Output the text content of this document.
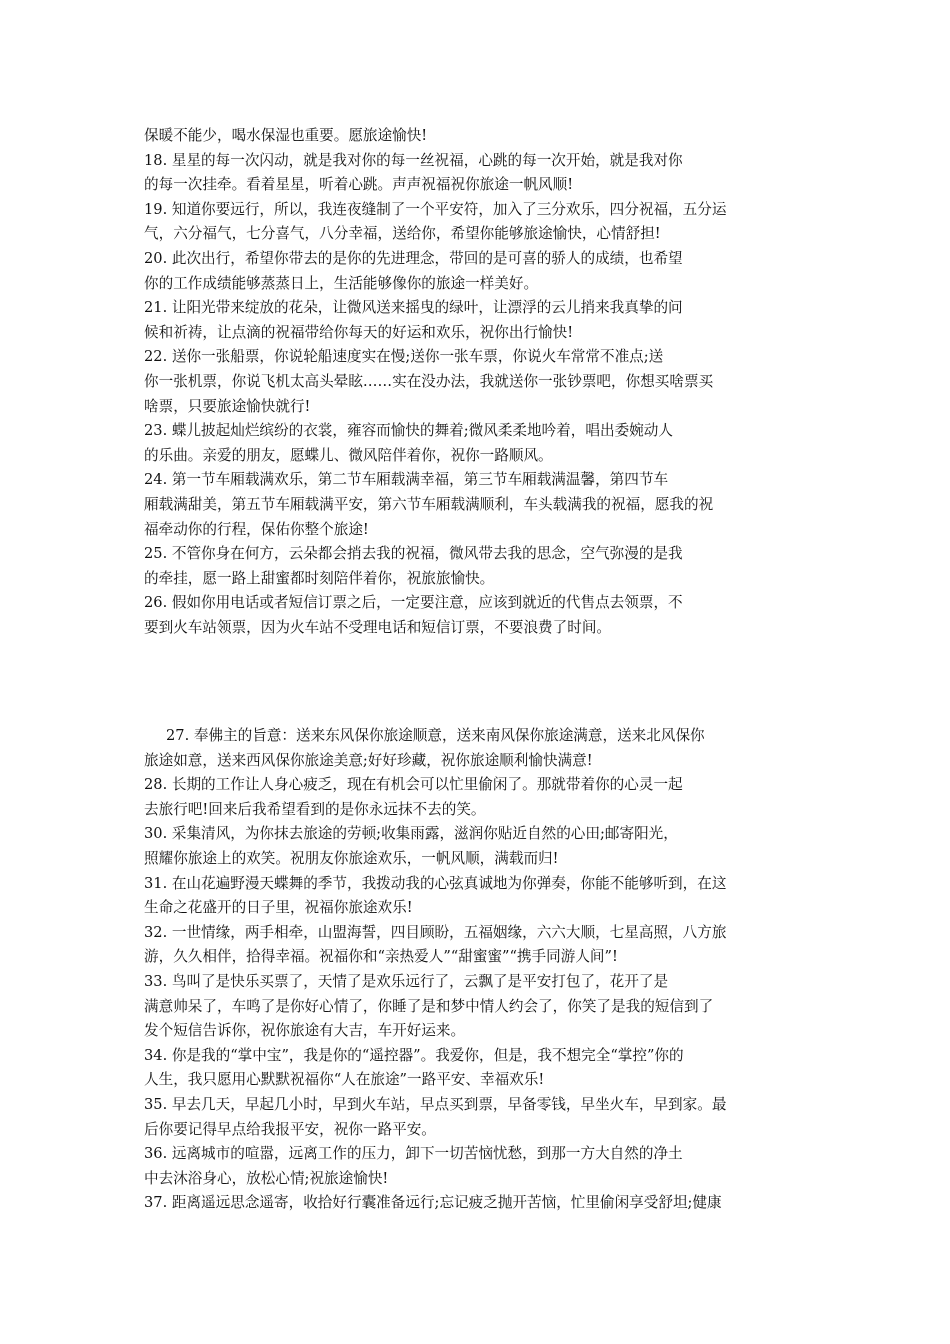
保暖不能少，喝水保湿也重要。愿旅途愉快!
18. 星星的每一次闪动，就是我对你的每一丝祝福，心跳的每一次开始，就是我对你
的每一次挂牵。看着星星，听着心跳。声声祝福祝你旅途一帆风顺!
19. 知道你要远行，所以，我连夜缝制了一个平安符，加入了三分欢乐，四分祝福，五分运
气，六分福气，七分喜气，八分幸福，送给你，希望你能够旅途愉快，心情舒担!
20. 此次出行，希望你带去的是你的先进理念，带回的是可喜的骄人的成绩，也希望
你的工作成绩能够蒸蒸日上，生活能够像你的旅途一样美好。
21. 让阳光带来绽放的花朵，让微风送来摇曳的绿叶，让漂浮的云儿捎来我真挚的问
候和祈祷，让点滴的祝福带给你每天的好运和欢乐，祝你出行愉快!
22. 送你一张船票，你说轮船速度实在慢;送你一张车票，你说火车常常不准点;送
你一张机票，你说飞机太高头晕眩……实在没办法，我就送你一张钞票吧，你想买啥票买
啥票，只要旅途愉快就行!
23. 蝶儿披起灿烂缤纷的衣裳，雍容而愉快的舞着;微风柔柔地吟着，唱出委婉动人
的乐曲。亲爱的朋友，愿蝶儿、微风陪伴着你，祝你一路顺风。
24. 第一节车厢载满欢乐，第二节车厢载满幸福，第三节车厢载满温馨，第四节车
厢载满甜美，第五节车厢载满平安，第六节车厢载满顺利，车头载满我的祝福，愿我的祝
福牵动你的行程，保佑你整个旅途!
25. 不管你身在何方，云朵都会捎去我的祝福，微风带去我的思念，空气弥漫的是我
的牵挂，愿一路上甜蜜都时刻陪伴着你，祝旅旅愉快。
26. 假如你用电话或者短信订票之后，一定要注意，应该到就近的代售点去领票，不
要到火车站领票，因为火车站不受理电话和短信订票，不要浪费了时间。
27. 奉佛主的旨意：送来东风保你旅途顺意，送来南风保你旅途满意，送来北风保你
旅途如意，送来西风保你旅途美意;好好珍藏，祝你旅途顺利愉快满意!
28. 长期的工作让人身心疲乏，现在有机会可以忙里偷闲了。那就带着你的心灵一起
去旅行吧!回来后我希望看到的是你永远抹不去的笑。
30. 采集清风，为你抹去旅途的劳顿;收集雨露，滋润你贴近自然的心田;邮寄阳光，
照耀你旅途上的欢笑。祝朋友你旅途欢乐，一帆风顺，满载而归!
31. 在山花遍野漫天蝶舞的季节，我拨动我的心弦真诚地为你弹奏，你能不能够听到，在这
生命之花盛开的日子里，祝福你旅途欢乐!
32. 一世情缘，两手相牵，山盟海誓，四目顾盼，五福姻缘，六六大顺，七星高照，八方旅
游，久久相伴，拾得幸福。祝福你和“亲热爱人”“甜蜜蜜”“携手同游人间”!
33. 鸟叫了是快乐买票了，天情了是欢乐远行了，云飘了是平安打包了，花开了是
满意帅呆了，车鸣了是你好心情了，你睡了是和梦中情人约会了，你笑了是我的短信到了
发个短信告诉你，祝你旅途有大吉，车开好运来。
34. 你是我的“掌中宝”，我是你的“遥控器”。我爱你，但是，我不想完全“掌控”你的
人生，我只愿用心默默祝福你“人在旅途”一路平安、幸福欢乐!
35. 早去几天，早起几小时，早到火车站，早点买到票，早备零钱，早坐火车，早到家。最
后你要记得早点给我报平安，祝你一路平安。
36. 远离城市的喧嚣，远离工作的压力，卸下一切苦恼忧愁，到那一方大自然的净土
中去沐浴身心，放松心情;祝旅途愉快!
37. 距离遥远思念遥寄，收拾好行囊准备远行;忘记疲乏抛开苦恼，忙里偷闲享受舒坦;健康
